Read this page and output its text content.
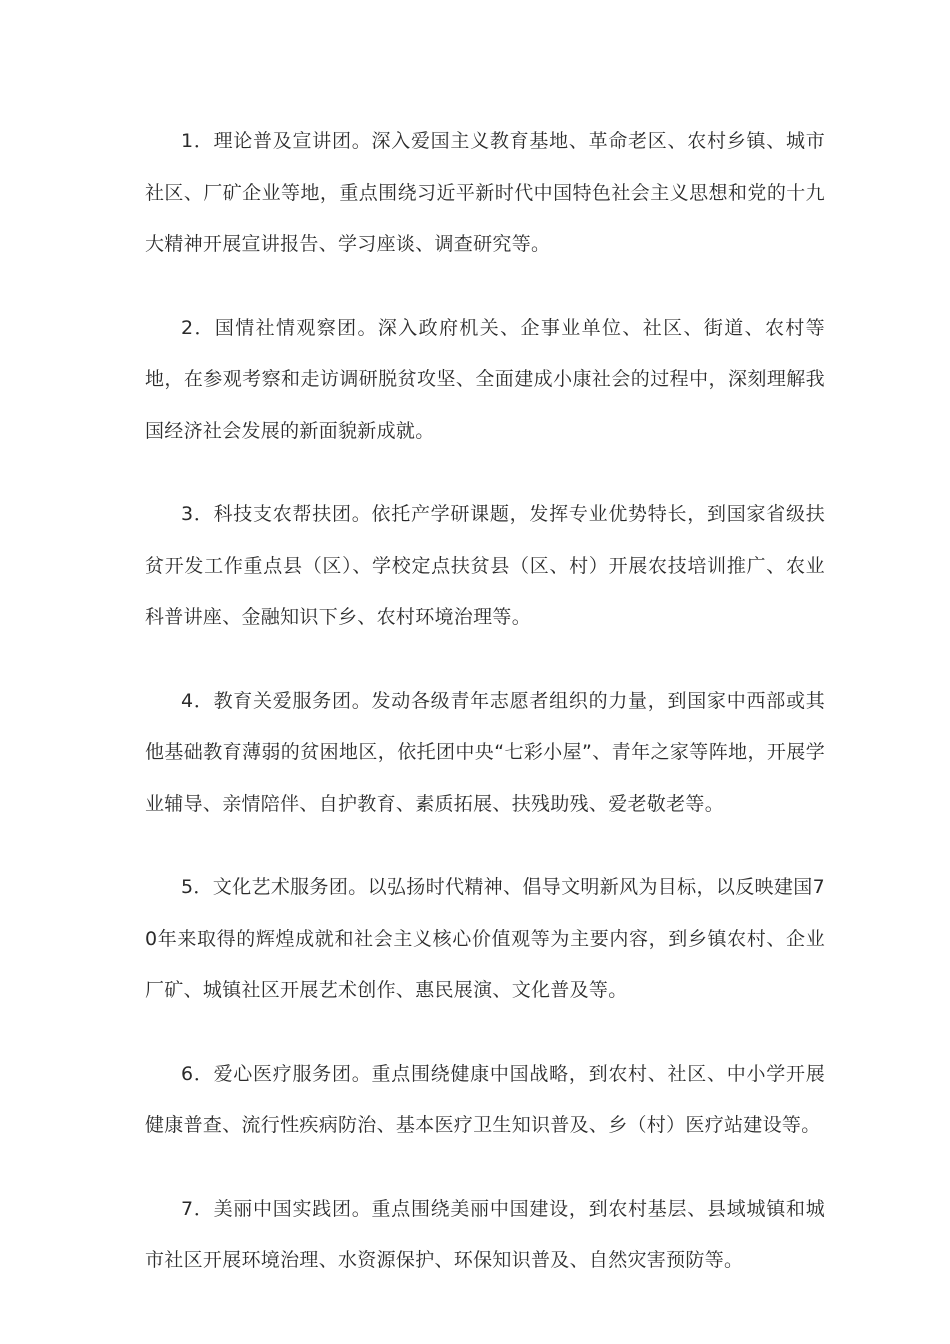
1．理论普及宣讲团。深入爱国主义教育基地、革命老区、农村乡镇、城市社区、厂矿企业等地，重点围绕习近平新时代中国特色社会主义思想和党的十九大精神开展宣讲报告、学习座谈、调查研究等。

2．国情社情观察团。深入政府机关、企事业单位、社区、街道、农村等地，在参观考察和走访调研脱贫攻坚、全面建成小康社会的过程中，深刻理解我国经济社会发展的新面貌新成就。

3．科技支农帮扶团。依托产学研课题，发挥专业优势特长，到国家省级扶贫开发工作重点县（区）、学校定点扶贫县（区、村）开展农技培训推广、农业科普讲座、金融知识下乡、农村环境治理等。

4．教育关爱服务团。发动各级青年志愿者组织的力量，到国家中西部或其他基础教育薄弱的贫困地区，依托团中央“七彩小屋”、青年之家等阵地，开展学业辅导、亲情陪伴、自护教育、素质拓展、扶残助残、爱老敬老等。

5．文化艺术服务团。以弘扬时代精神、倡导文明新风为目标，以反映建国70年来取得的辉煌成就和社会主义核心价值观等为主要内容，到乡镇农村、企业厂矿、城镇社区开展艺术创作、惠民展演、文化普及等。

6．爱心医疗服务团。重点围绕健康中国战略，到农村、社区、中小学开展健康普查、流行性疾病防治、基本医疗卫生知识普及、乡（村）医疗站建设等。

7．美丽中国实践团。重点围绕美丽中国建设，到农村基层、县域城镇和城市社区开展环境治理、水资源保护、环保知识普及、自然灾害预防等。
